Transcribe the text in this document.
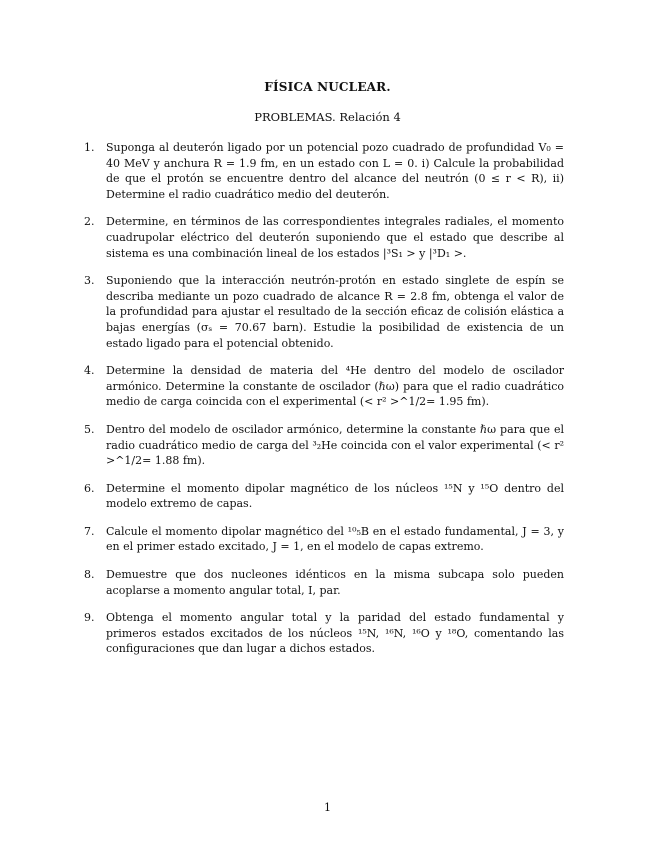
FÍSICA NUCLEAR.
PROBLEMAS. Relación 4
1.	Suponga al deuterón ligado por un potencial pozo cuadrado de profundidad V₀ = 40 MeV y anchura R = 1.9 fm, en un estado con L = 0. i) Calcule la probabilidad de que el protón se encuentre dentro del alcance del neutrón (0 ≤ r < R), ii) Determine el radio cuadrático medio del deuterón.
2.	Determine, en términos de las correspondientes integrales radiales, el momento cuadrupolar eléctrico del deuterón suponiendo que el estado que describe al sistema es una combinación lineal de los estados |³S₁ > y |³D₁ >.
3.	Suponiendo que la interacción neutrón-protón en estado singlete de espín se describa mediante un pozo cuadrado de alcance R = 2.8 fm, obtenga el valor de la profundidad para ajustar el resultado de la sección eficaz de colisión elástica a bajas energías (σₛ = 70.67 barn). Estudie la posibilidad de existencia de un estado ligado para el potencial obtenido.
4.	Determine la densidad de materia del ⁴He dentro del modelo de oscilador armónico. Determine la constante de oscilador (ℏω) para que el radio cuadrático medio de carga coincida con el experimental (< r² >^1/2= 1.95 fm).
5.	Dentro del modelo de oscilador armónico, determine la constante ℏω para que el radio cuadrático medio de carga del ³₂He coincida con el valor experimental (< r² >^1/2= 1.88 fm).
6.	Determine el momento dipolar magnético de los núcleos ¹⁵N y ¹⁵O dentro del modelo extremo de capas.
7.	Calcule el momento dipolar magnético del ¹⁰₅B en el estado fundamental, J = 3, y en el primer estado excitado, J = 1, en el modelo de capas extremo.
8.	Demuestre que dos nucleones idénticos en la misma subcapa solo pueden acoplarse a momento angular total, I, par.
9.	Obtenga el momento angular total y la paridad del estado fundamental y primeros estados excitados de los núcleos ¹⁵N, ¹⁶N, ¹⁶O y ¹⁸O, comentando las configuraciones que dan lugar a dichos estados.
1
